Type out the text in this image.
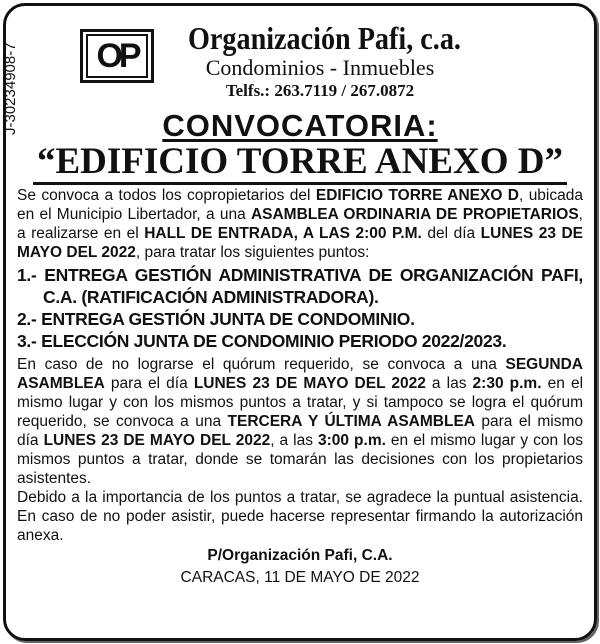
J-30234908-7	OP	Organización Pafi, c.a.
Condominios - Inmuebles
Telfs.: 263.7119 / 267.0872
CONVOCATORIA:
“EDIFICIO TORRE ANEXO D”

Se convoca a todos los copropietarios del EDIFICIO TORRE ANEXO D, ubicada en el Municipio Libertador, a una ASAMBLEA ORDINARIA DE PROPIETARIOS, a realizarse en el HALL DE ENTRADA, A LAS 2:00 P.M. del día LUNES 23 DE MAYO DEL 2022, para tratar los siguientes puntos:

1.- ENTREGA GESTIÓN ADMINISTRATIVA DE ORGANIZACIÓN PAFI, C.A. (RATIFICACIÓN ADMINISTRADORA).
2.- ENTREGA GESTIÓN JUNTA DE CONDOMINIO.
3.- ELECCIÓN JUNTA DE CONDOMINIO PERIODO 2022/2023.

En caso de no lograrse el quórum requerido, se convoca a una SEGUNDA ASAMBLEA para el día LUNES 23 DE MAYO DEL 2022 a las 2:30 p.m. en el mismo lugar y con los mismos puntos a tratar, y si tampoco se logra el quórum requerido, se convoca a una TERCERA Y ÚLTIMA ASAMBLEA para el mismo día LUNES 23 DE MAYO DEL 2022, a las 3:00 p.m. en el mismo lugar y con los mismos puntos a tratar, donde se tomarán las decisiones con los propietarios asistentes.

Debido a la importancia de los puntos a tratar, se agradece la puntual asistencia. En caso de no poder asistir, puede hacerse representar firmando la autorización anexa.

P/Organización Pafi, C.A.
CARACAS, 11 DE MAYO DE 2022
